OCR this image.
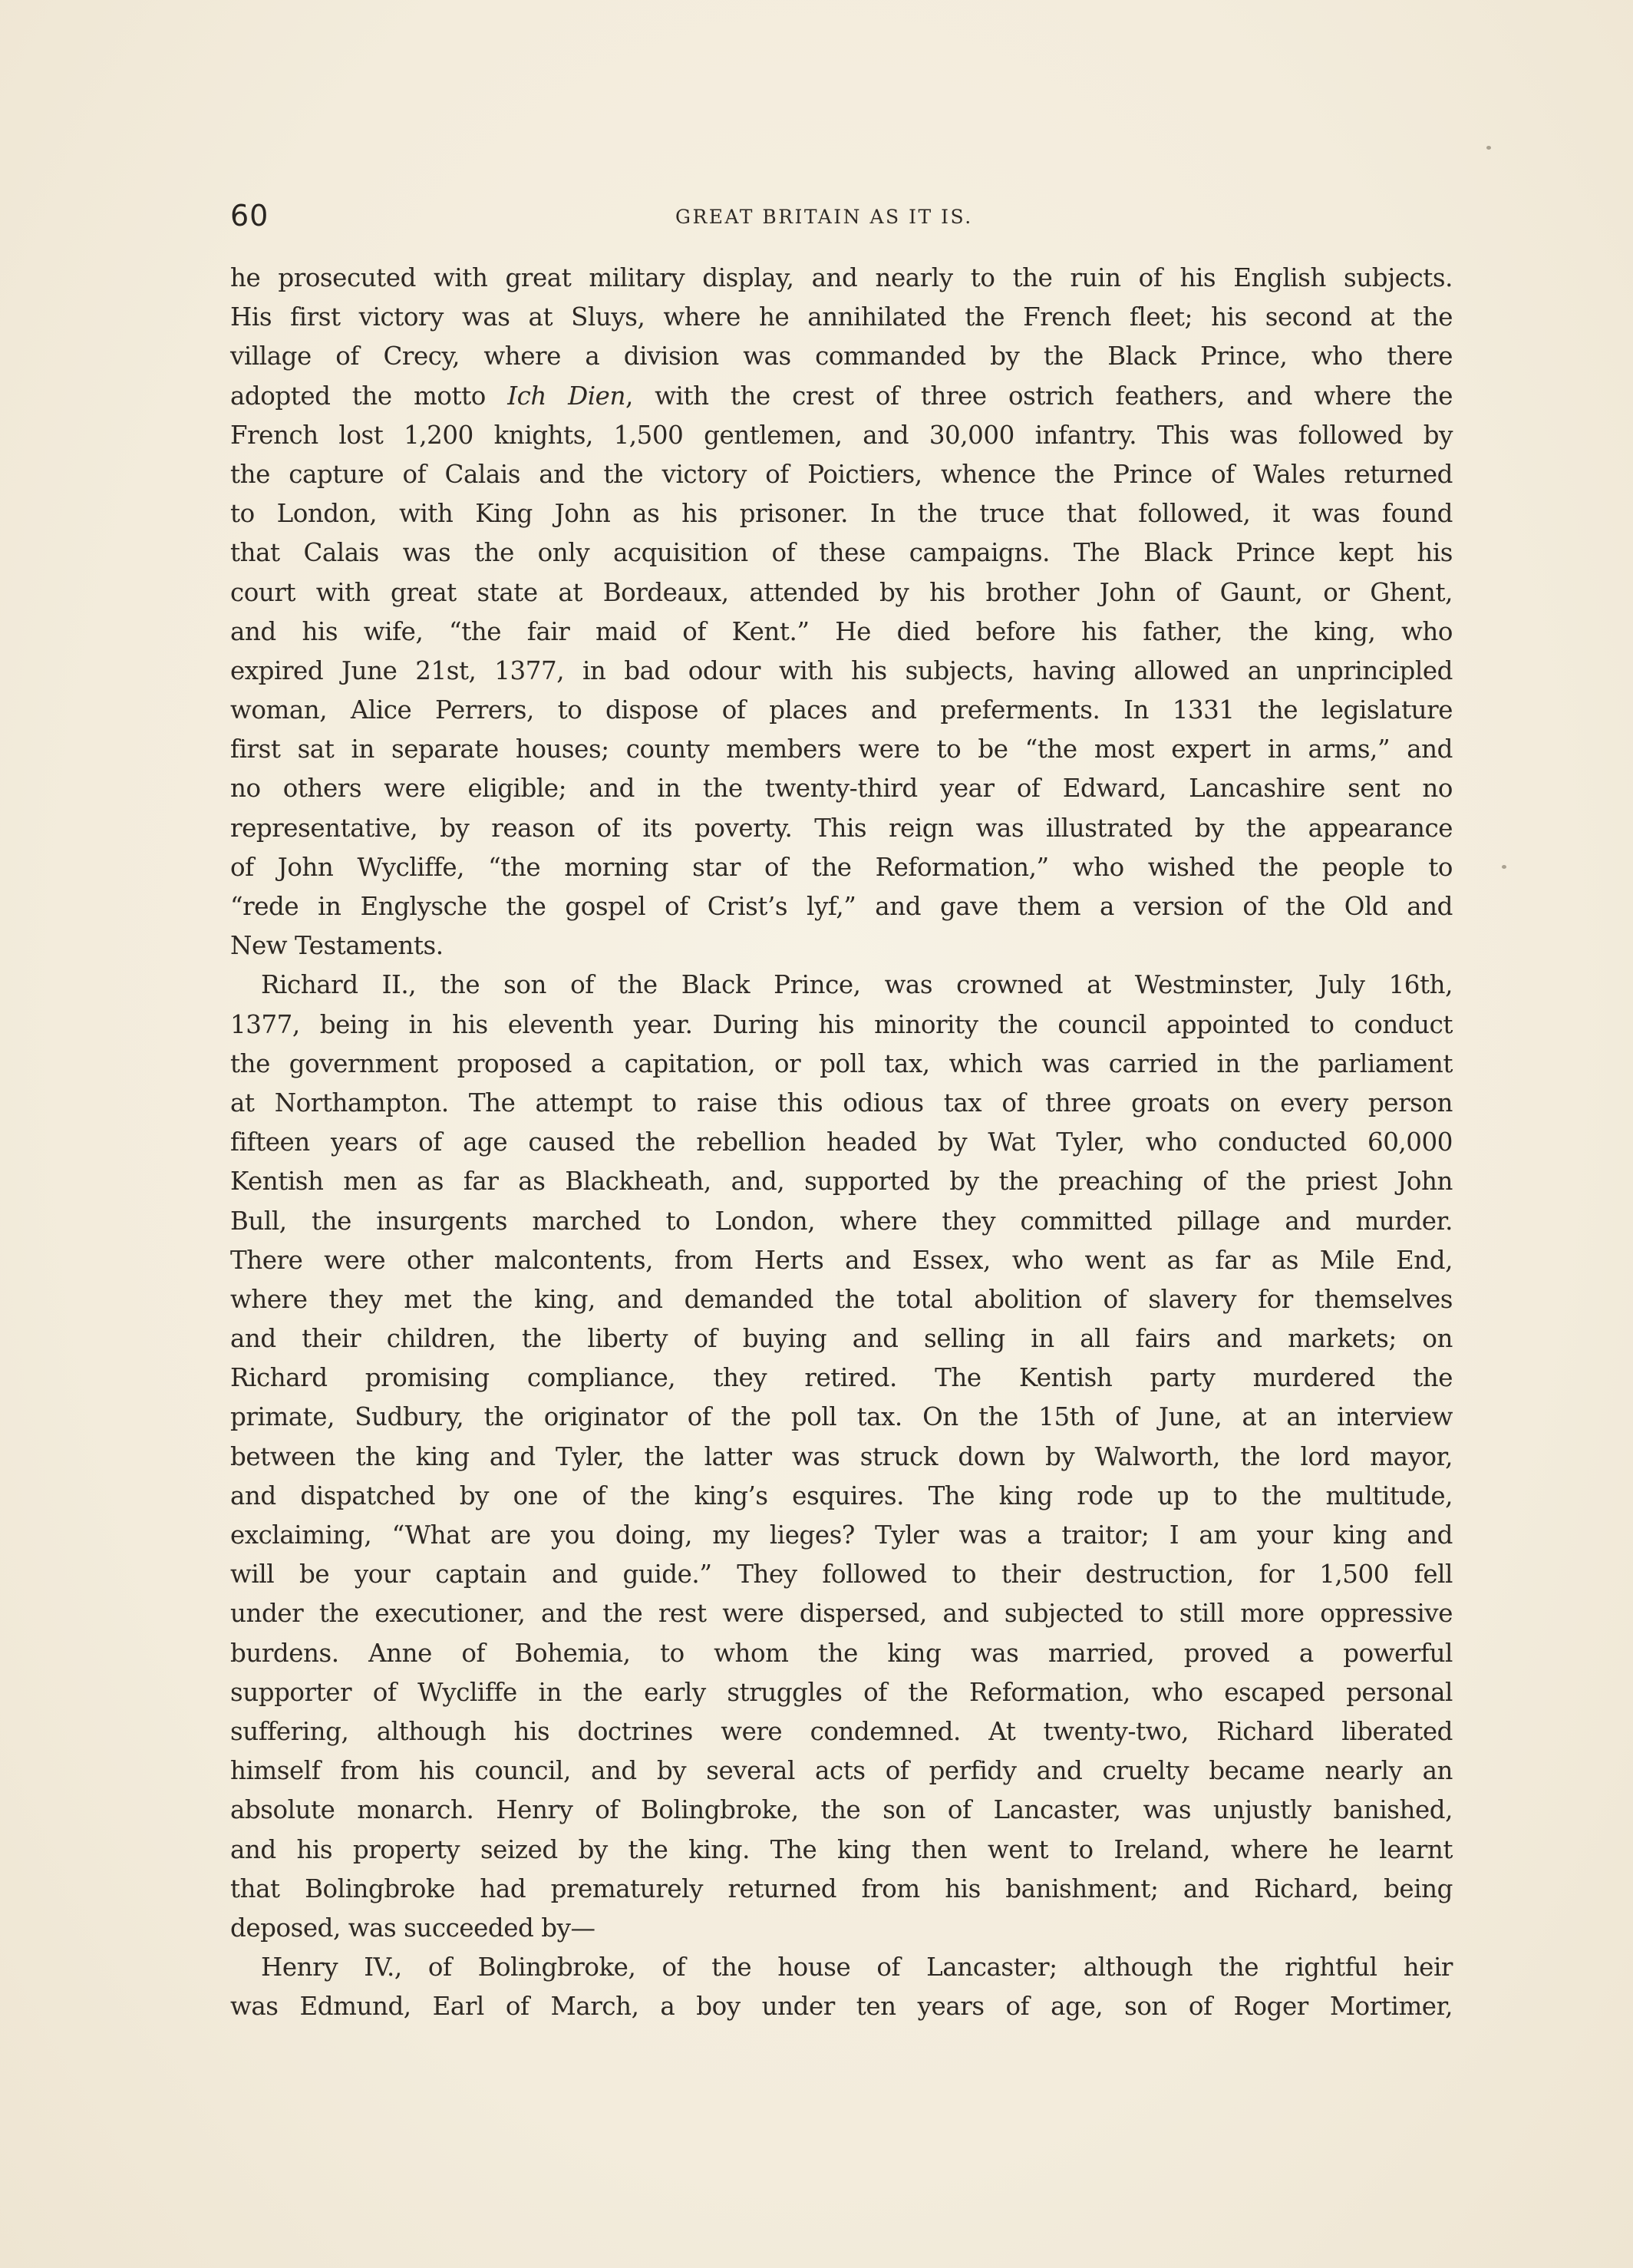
60	GREAT BRITAIN AS IT IS.
he prosecuted with great military display, and nearly to the ruin of his English subjects.
His first victory was at Sluys, where he annihilated the French fleet; his second at the
village of Crecy, where a division was commanded by the Black Prince, who there
adopted the motto Ich Dien, with the crest of three ostrich feathers, and where the
French lost 1,200 knights, 1,500 gentlemen, and 30,000 infantry. This was followed by
the capture of Calais and the victory of Poictiers, whence the Prince of Wales returned
to London, with King John as his prisoner. In the truce that followed, it was found
that Calais was the only acquisition of these campaigns. The Black Prince kept his
court with great state at Bordeaux, attended by his brother John of Gaunt, or Ghent,
and his wife, “the fair maid of Kent.” He died before his father, the king, who
expired June 21st, 1377, in bad odour with his subjects, having allowed an unprincipled
woman, Alice Perrers, to dispose of places and preferments. In 1331 the legislature
first sat in separate houses; county members were to be “the most expert in arms,” and
no others were eligible; and in the twenty-third year of Edward, Lancashire sent no
representative, by reason of its poverty. This reign was illustrated by the appearance
of John Wycliffe, “the morning star of the Reformation,” who wished the people to
“rede in Englysche the gospel of Crist’s lyf,” and gave them a version of the Old and
New Testaments.
Richard II., the son of the Black Prince, was crowned at Westminster, July 16th,
1377, being in his eleventh year. During his minority the council appointed to conduct
the government proposed a capitation, or poll tax, which was carried in the parliament
at Northampton. The attempt to raise this odious tax of three groats on every person
fifteen years of age caused the rebellion headed by Wat Tyler, who conducted 60,000
Kentish men as far as Blackheath, and, supported by the preaching of the priest John
Bull, the insurgents marched to London, where they committed pillage and murder.
There were other malcontents, from Herts and Essex, who went as far as Mile End,
where they met the king, and demanded the total abolition of slavery for themselves
and their children, the liberty of buying and selling in all fairs and markets; on
Richard promising compliance, they retired. The Kentish party murdered the
primate, Sudbury, the originator of the poll tax. On the 15th of June, at an interview
between the king and Tyler, the latter was struck down by Walworth, the lord mayor,
and dispatched by one of the king’s esquires. The king rode up to the multitude,
exclaiming, “What are you doing, my lieges? Tyler was a traitor; I am your king and
will be your captain and guide.” They followed to their destruction, for 1,500 fell
under the executioner, and the rest were dispersed, and subjected to still more oppressive
burdens. Anne of Bohemia, to whom the king was married, proved a powerful
supporter of Wycliffe in the early struggles of the Reformation, who escaped personal
suffering, although his doctrines were condemned. At twenty-two, Richard liberated
himself from his council, and by several acts of perfidy and cruelty became nearly an
absolute monarch. Henry of Bolingbroke, the son of Lancaster, was unjustly banished,
and his property seized by the king. The king then went to Ireland, where he learnt
that Bolingbroke had prematurely returned from his banishment; and Richard, being
deposed, was succeeded by—
Henry IV., of Bolingbroke, of the house of Lancaster; although the rightful heir
was Edmund, Earl of March, a boy under ten years of age, son of Roger Mortimer,
